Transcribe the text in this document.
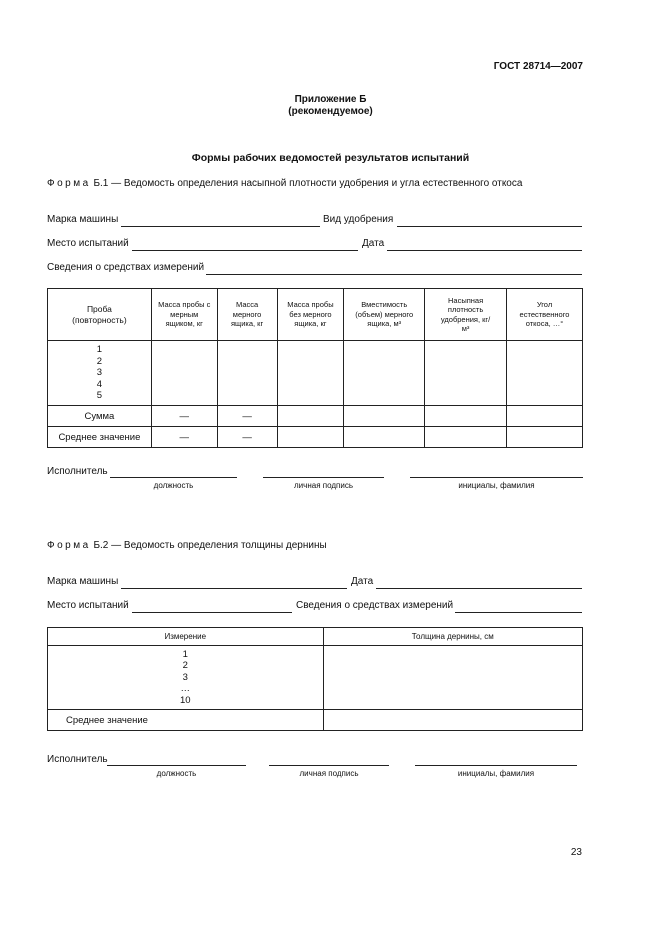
ГОСТ 28714—2007
Приложение Б
(рекомендуемое)
Формы рабочих ведомостей результатов испытаний
Форма Б.1 — Ведомость определения насыпной плотности удобрения и угла естественного откоса
Марка машины	Вид удобрения
Место испытаний	Дата
Сведения о средствах измерений
Проба (повторность)	Масса пробы с мерным ящиком, кг	Масса мерного ящика, кг	Масса пробы без мерного ящика, кг	Вместимость (объем) мерного ящика, м³	Насыпная плотность удобрения, кг/м³	Угол естественного откоса, …°

1
2
3
4
5						

Сумма	—	—				
Среднее значение	—	—				
Исполнитель
должность	личная подпись	инициалы, фамилия
Форма Б.2 — Ведомость определения толщины дернины
Марка машины	Дата
Место испытаний	Сведения о средствах измерений
Измерение	Толщина дернины, см

1
2
3
…
10	

Среднее значение	
Исполнитель
должность	личная подпись	инициалы, фамилия
23
